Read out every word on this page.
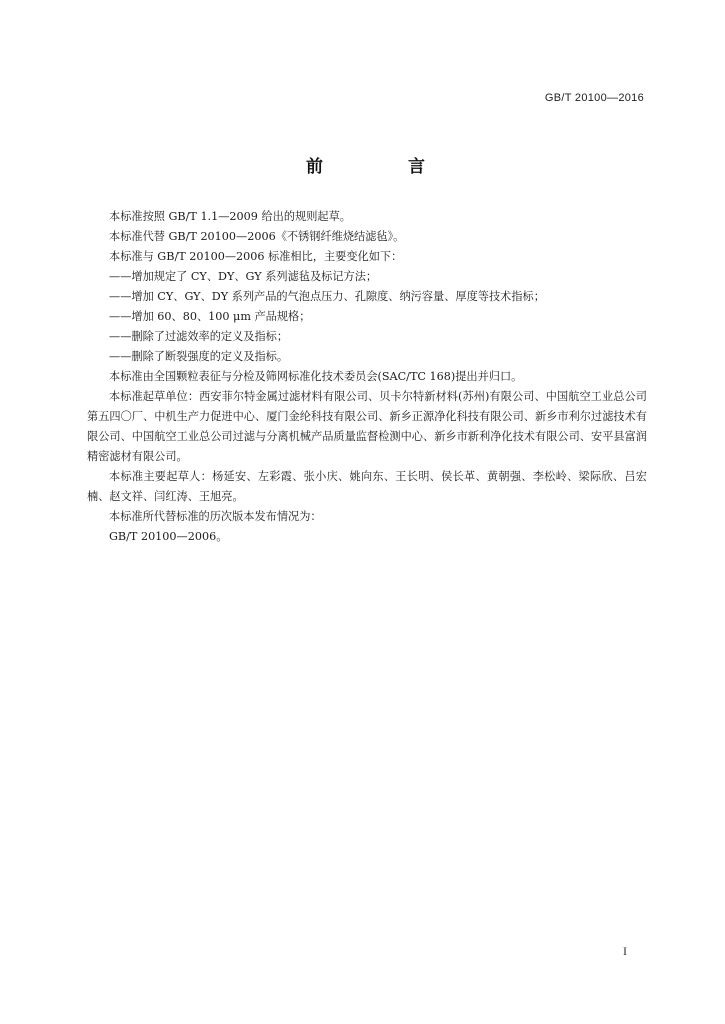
GB/T 20100—2016
前　言

本标准按照 GB/T 1.1—2009 给出的规则起草。

本标准代替 GB/T 20100—2006《不锈钢纤维烧结滤毡》。

本标准与 GB/T 20100—2006 标准相比，主要变化如下：

——增加规定了 CY、DY、GY 系列滤毡及标记方法；

——增加 CY、GY、DY 系列产品的气泡点压力、孔隙度、纳污容量、厚度等技术指标；

——增加 60、80、100 μm 产品规格；

——删除了过滤效率的定义及指标；

——删除了断裂强度的定义及指标。

本标准由全国颗粒表征与分检及筛网标准化技术委员会(SAC/TC 168)提出并归口。

本标准起草单位：西安菲尔特金属过滤材料有限公司、贝卡尔特新材料(苏州)有限公司、中国航空工业总公司第五四〇厂、中机生产力促进中心、厦门金纶科技有限公司、新乡正源净化科技有限公司、新乡市利尔过滤技术有限公司、中国航空工业总公司过滤与分离机械产品质量监督检测中心、新乡市新利净化技术有限公司、安平县富润精密滤材有限公司。

本标准主要起草人：杨延安、左彩霞、张小庆、姚向东、王长明、侯长革、黄朝强、李松岭、梁际欣、吕宏楠、赵文祥、闫红涛、王旭亮。

本标准所代替标准的历次版本发布情况为：

GB/T 20100—2006。

I
